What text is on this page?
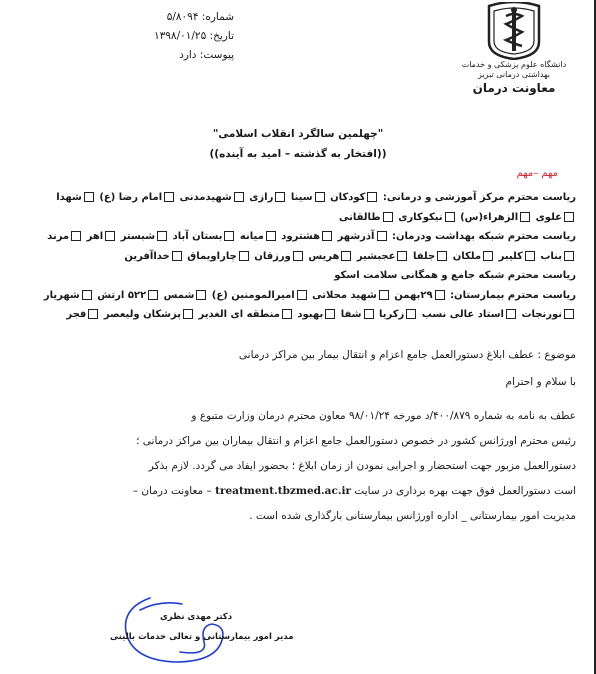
شماره: ۵/۸۰۹۴
تاریخ: ۱۳۹۸/۰۱/۲۵
پیوست: دارد
دانشگاه علوم پزشکی و خدمات بهداشتی درمانی تبریز
معاونت درمان
"چهلمین سالگرد انقلاب اسلامی"
((افتخار به گذشته – امید به آینده))
مهم –مهم
ریاست محترم مرکز آموزشی و درمانی: کودکان سینا رازی شهیدمدنی امام رضا (ع) شهدا
علوی الزهراء(س) نیکوکاری طالقانی
ریاست محترم شبکه بهداشت ودرمان: آذرشهر هشترود میانه بستان آباد شبستر اهر مرند
بناب کلیبر ملکان جلفا عجبشیر هریس ورزقان چاراویماق خداآفرین
ریاست محترم شبکه جامع و همگانی سلامت اسکو
ریاست محترم بیمارستان: ۲۹بهمن شهید محلاتی امیرالمومنین (ع) شمس ۵۲۲ ارتش شهریار
نورنجات استاد عالی نسب زکریا شفا بهبود منطقه ای الغدیر پزشکان ولیعصر فجر
موضوع : عطف ابلاغ دستورالعمل جامع اعزام و انتقال بیمار بین مراکز درمانی
با سلام و احترام
عطف به نامه به شماره ۴۰۰/۸۷۹/د مورخه ۹۸/۰۱/۲۴ معاون محترم درمان وزارت متبوع و
رئیس محترم اورژانس کشور در خصوص دستورالعمل جامع اعزام و انتقال بیماران بین مراکز درمانی ؛
دستورالعمل مزبور جهت استحضار و اجرایی نمودن از زمان ابلاغ ؛ بحضور ایفاد می گردد. لازم بذکر
است دستورالعمل فوق جهت بهره برداری در سایت treatment.tbzmed.ac.ir – معاونت درمان –
مدیریت امور بیمارستانی _ اداره اورژانس بیمارستانی بارگذاری شده است .
دکتر مهدی نظری
مدیر امور بیمارستانی و تعالی خدمات بالینی
